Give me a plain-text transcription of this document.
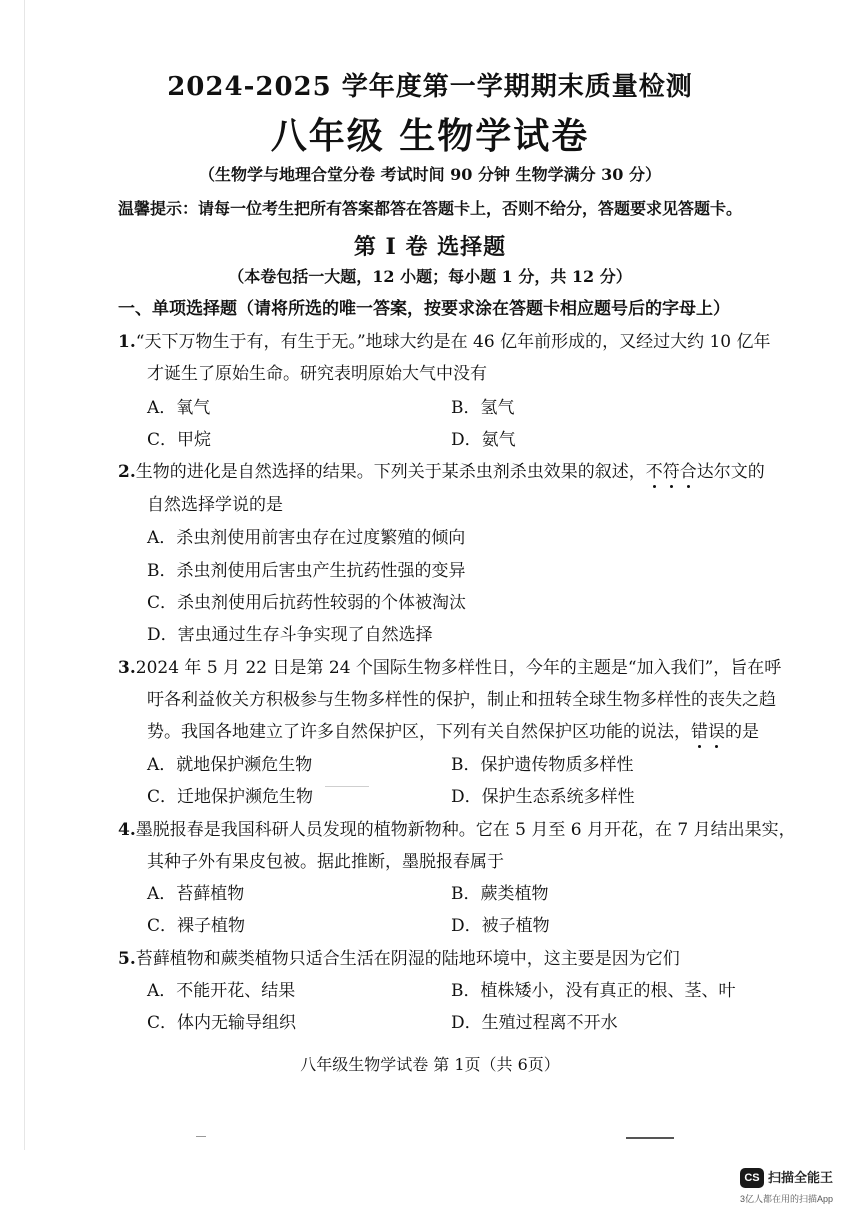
2024-2025 学年度第一学期期末质量检测
八年级 生物学试卷
（生物学与地理合堂分卷 考试时间 90 分钟 生物学满分 30 分）
温馨提示：请每一位考生把所有答案都答在答题卡上，否则不给分，答题要求见答题卡。
第 I 卷 选择题
（本卷包括一大题，12 小题；每小题 1 分，共 12 分）
一、单项选择题（请将所选的唯一答案，按要求涂在答题卡相应题号后的字母上）
1.“天下万物生于有，有生于无。”地球大约是在 46 亿年前形成的，又经过大约 10 亿年
才诞生了原始生命。研究表明原始大气中没有
A．氧气	B．氢气
C．甲烷	D．氨气
2.生物的进化是自然选择的结果。下列关于某杀虫剂杀虫效果的叙述，不符合达尔文的
自然选择学说的是
A．杀虫剂使用前害虫存在过度繁殖的倾向
B．杀虫剂使用后害虫产生抗药性强的变异
C．杀虫剂使用后抗药性较弱的个体被淘汰
D．害虫通过生存斗争实现了自然选择
3.2024 年 5 月 22 日是第 24 个国际生物多样性日，今年的主题是“加入我们”，旨在呼
吁各利益攸关方积极参与生物多样性的保护，制止和扭转全球生物多样性的丧失之趋
势。我国各地建立了许多自然保护区，下列有关自然保护区功能的说法，错误的是
A．就地保护濒危生物	B．保护遗传物质多样性
C．迁地保护濒危生物	D．保护生态系统多样性
4.墨脱报春是我国科研人员发现的植物新物种。它在 5 月至 6 月开花，在 7 月结出果实，
其种子外有果皮包被。据此推断，墨脱报春属于
A．苔藓植物	B．蕨类植物
C．裸子植物	D．被子植物
5.苔藓植物和蕨类植物只适合生活在阴湿的陆地环境中，这主要是因为它们
A．不能开花、结果	B．植株矮小，没有真正的根、茎、叶
C．体内无输导组织	D．生殖过程离不开水
八年级生物学试卷 第 1页（共 6页）
CS 扫描全能王
3亿人都在用的扫描App
